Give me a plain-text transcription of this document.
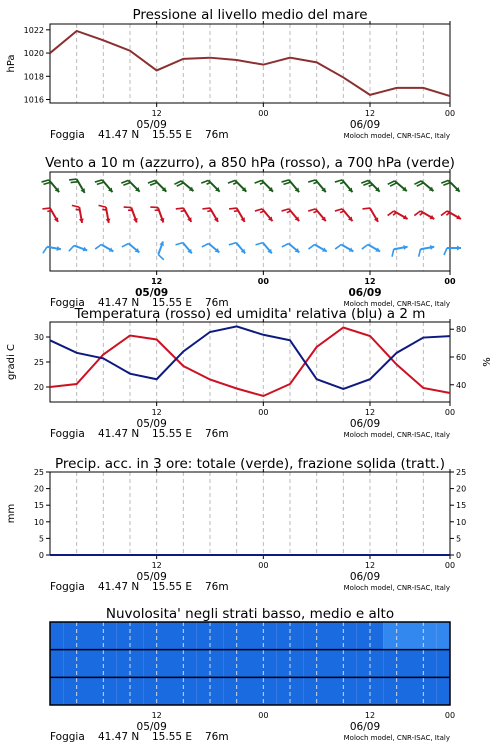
Pressione al livello medio del mare
12	00	12	00
05/09	06/09
Foggia 41.47 N 15.55 E 76m	Moloch model, CNR-ISAC, Italy
1016
1018
1020
1022
hPa
Vento a 10 m (azzurro), a 850 hPa (rosso), a 700 hPa (verde)
12	00	12	00
05/09	06/09
Foggia 41.47 N 15.55 E 76m	Moloch model, CNR-ISAC, Italy
Temperatura (rosso) ed umidita' relativa (blu) a 2 m
12	00	12	00
05/09	06/09
Foggia 41.47 N 15.55 E 76m	Moloch model, CNR-ISAC, Italy
20
25
30
40
60
80
gradi C	%
Precip. acc. in 3 ore: totale (verde), frazione solida (tratt.)
12	00	12	00
05/09	06/09
Foggia 41.47 N 15.55 E 76m	Moloch model, CNR-ISAC, Italy
0	0
5	5
10	10
15	15
20	20
25	25
mm
Nuvolosita' negli strati basso, medio e alto
12	00	12	00
05/09	06/09
Foggia 41.47 N 15.55 E 76m	Moloch model, CNR-ISAC, Italy
